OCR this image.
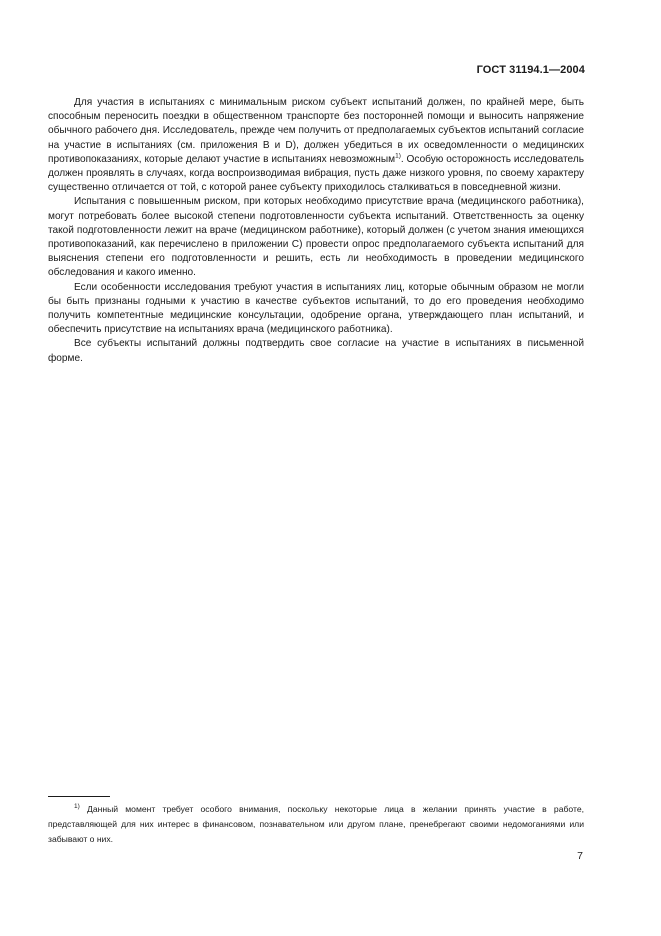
ГОСТ 31194.1—2004

Для участия в испытаниях с минимальным риском субъект испытаний должен, по крайней мере, быть способным переносить поездки в общественном транспорте без посторонней помощи и выносить напряжение обычного рабочего дня. Исследователь, прежде чем получить от предполагаемых субъектов испытаний согласие на участие в испытаниях (см. приложения В и D), должен убедиться в их осведомленности о медицинских противопоказаниях, которые делают участие в испытаниях невозможным$^{1)}$. Особую осторожность исследователь должен проявлять в случаях, когда воспроизводимая вибрация, пусть даже низкого уровня, по своему характеру существенно отличается от той, с которой ранее субъекту приходилось сталкиваться в повседневной жизни.

Испытания с повышенным риском, при которых необходимо присутствие врача (медицинского работника), могут потребовать более высокой степени подготовленности субъекта испытаний. Ответственность за оценку такой подготовленности лежит на враче (медицинском работнике), который должен (с учетом знания имеющихся противопоказаний, как перечислено в приложении С) провести опрос предполагаемого субъекта испытаний для выяснения степени его подготовленности и решить, есть ли необходимость в проведении медицинского обследования и какого именно.

Если особенности исследования требуют участия в испытаниях лиц, которые обычным образом не могли бы быть признаны годными к участию в качестве субъектов испытаний, то до его проведения необходимо получить компетентные медицинские консультации, одобрение органа, утверждающего план испытаний, и обеспечить присутствие на испытаниях врача (медицинского работника).

Все субъекты испытаний должны подтвердить свое согласие на участие в испытаниях в письменной форме.

$^{1)}$ Данный момент требует особого внимания, поскольку некоторые лица в желании принять участие в работе, представляющей для них интерес в финансовом, познавательном или другом плане, пренебрегают своими недомоганиями или забывают о них.
7
